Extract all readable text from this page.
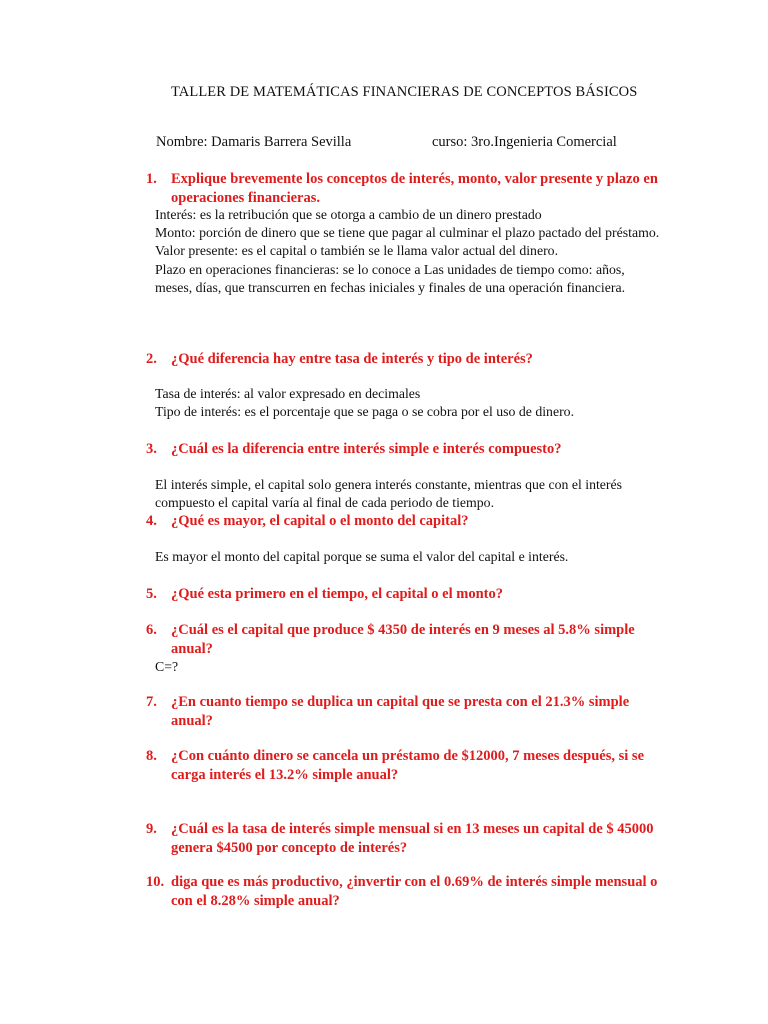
TALLER DE MATEMÁTICAS FINANCIERAS DE CONCEPTOS BÁSICOS
Nombre: Damaris Barrera Sevilla	curso: 3ro.Ingenieria Comercial
1. Explique brevemente los conceptos de interés, monto, valor presente y plazo en operaciones financieras.

Interés: es la retribución que se otorga a cambio de un dinero prestado

Monto: porción de dinero que se tiene que pagar al culminar el plazo pactado del préstamo.

Valor presente: es el capital o también se le llama valor actual del dinero.

Plazo en operaciones financieras: se lo conoce a Las unidades de tiempo como: años, meses, días, que transcurren en fechas iniciales y finales de una operación financiera.

2. ¿Qué diferencia hay entre tasa de interés y tipo de interés?

Tasa de interés: al valor expresado en decimales

Tipo de interés: es el porcentaje que se paga o se cobra por el uso de dinero.

3. ¿Cuál es la diferencia entre interés simple e interés compuesto?

El interés simple, el capital solo genera interés constante, mientras que con el interés compuesto el capital varía al final de cada periodo de tiempo.

4. ¿Qué es mayor, el capital o el monto del capital?

Es mayor el monto del capital porque se suma el valor del capital e interés.

5. ¿Qué esta primero en el tiempo, el capital o el monto?
6. ¿Cuál es el capital que produce $ 4350 de interés en 9 meses al 5.8% simple anual?

C=?

7. ¿En cuanto tiempo se duplica un capital que se presta con el 21.3% simple anual?
8. ¿Con cuánto dinero se cancela un préstamo de $12000, 7 meses después, si se carga interés el 13.2% simple anual?
9. ¿Cuál es la tasa de interés simple mensual si en 13 meses un capital de $ 45000 genera $4500 por concepto de interés?
10. diga que es más productivo, ¿invertir con el 0.69% de interés simple mensual o con el 8.28% simple anual?
